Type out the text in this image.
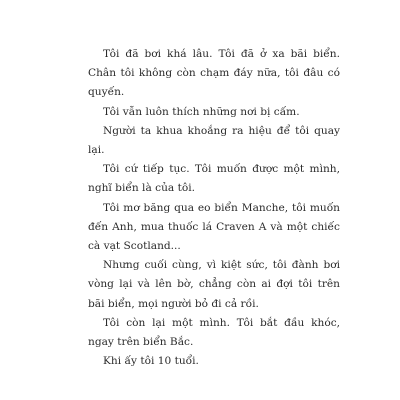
Tôi đã bơi khá lâu. Tôi đã ở xa bãi biển. Chân tôi không còn chạm đáy nữa, tôi đâu có quyến.

Tôi vẫn luôn thích những nơi bị cấm.

Người ta khua khoắng ra hiệu để tôi quay lại.

Tôi cứ tiếp tục. Tôi muốn được một mình, nghĩ biển là của tôi.

Tôi mơ băng qua eo biển Manche, tôi muốn đến Anh, mua thuốc lá Craven A và một chiếc cà vạt Scotland...

Nhưng cuối cùng, vì kiệt sức, tôi đành bơi vòng lại và lên bờ, chẳng còn ai đợi tôi trên bãi biển, mọi người bỏ đi cả rồi.

Tôi còn lại một mình. Tôi bắt đầu khóc, ngay trên biển Bắc.

Khi ấy tôi 10 tuổi.
